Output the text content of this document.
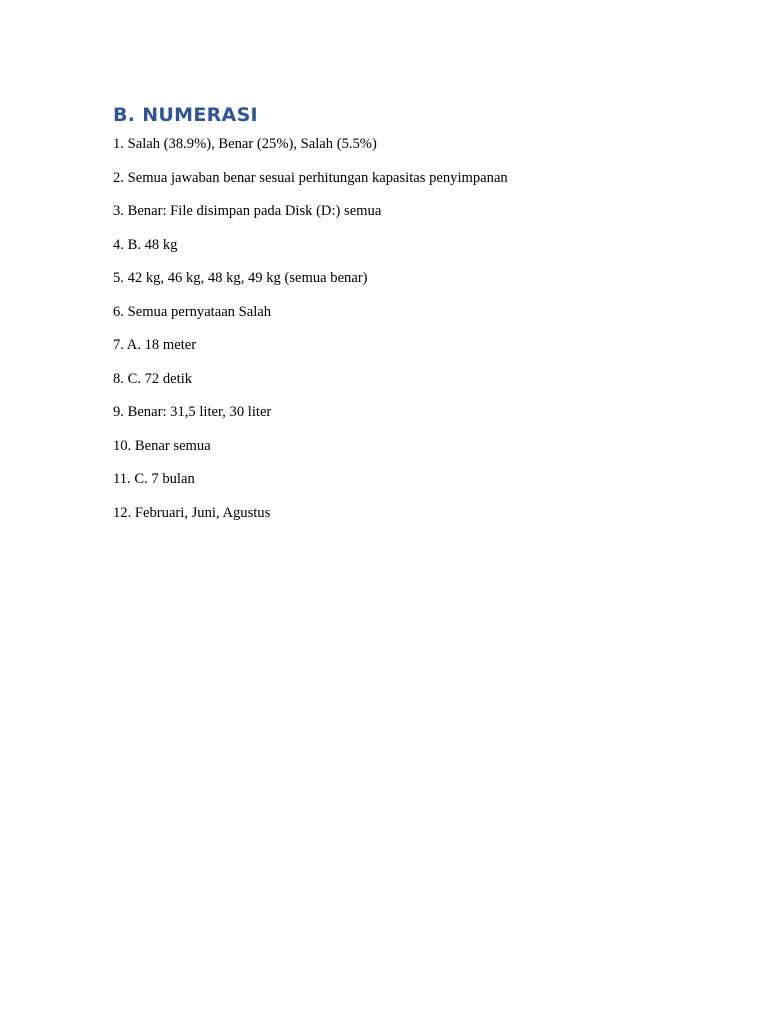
B. NUMERASI
1. Salah (38.9%), Benar (25%), Salah (5.5%)
2. Semua jawaban benar sesuai perhitungan kapasitas penyimpanan
3. Benar: File disimpan pada Disk (D:) semua
4. B. 48 kg
5. 42 kg, 46 kg, 48 kg, 49 kg (semua benar)
6. Semua pernyataan Salah
7. A. 18 meter
8. C. 72 detik
9. Benar: 31,5 liter, 30 liter
10. Benar semua
11. C. 7 bulan
12. Februari, Juni, Agustus
